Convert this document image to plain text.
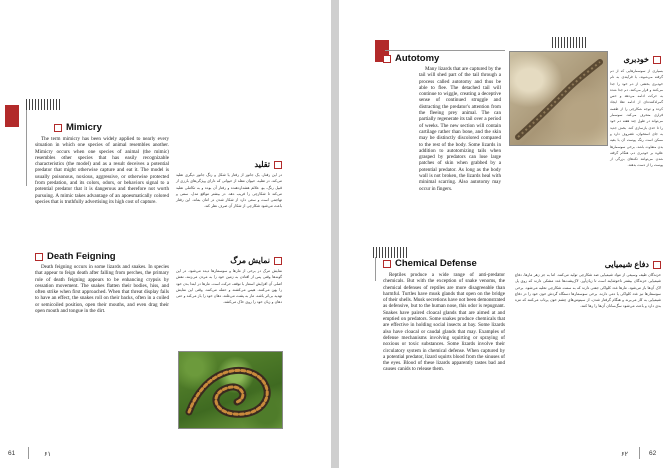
Mimicry
The term mimicry has been widely applied to nearly every situation in which one species of animal resembles another. Mimicry occurs when one species of animal (the mimic) resembles other species that has easily recognizable characteristics (the model) and as a result deceives a potential predator that might otherwise capture and eat it. The model is usually poisonous, noxious, aggressive, or otherwise protected from predation, and its colors, odors, or behaviors signal to a potential predator that it is dangerous and therefore not worth pursuing. A mimic takes advantage of an apoesmatically colored species that is truthfully advertising its high cost of capture.
Death Feigning
Death feigning occurs in some lizards and snakes. In species that appear to feign death after falling from perches, the primary role of death feigning appears to be enhancing crypsis by cessation movement. The snakes flatten their bodies, hiss, and often strike when first approached. When that threat display fails to have an effect, the snakes roll on their backs, often in a coiled or semicoiled position, open their mouths, and even drag their open mouth and tongue in the dirt.
تقلید
در این رفتار، یک جانور از رفتار یا شکل و رنگ جانور دیگری تقلید می‌کند. در تقلید، حیوان مقلد از حیوانی که دارای ویژگی‌های بارزی از قبیل رنگ، بو، علائم هشداردهنده و رفتار آن بوده و به تکاملی تقلید می‌کند تا شکارچی را فریب دهد. در بیشتر مواقع مدل، سمی و تهاجمی است و سعی دارد از شکار شدن در امان بماند. این رفتار باعث می‌شود شکارچی از شکار آن صرف نظر کند.
نمایش مرگ
نمایش مرگ در برخی از مارها و سوسمارها دیده می‌شود. در این گونه‌ها وقتی پس از افتادن به زمین خود را به مردن می‌زنند، نقش اصلی آن افزایش استتار با توقف حرکت است. مارها در ابتدا بدن خود را پهن می‌کنند، هیس می‌کشند و حمله می‌کنند. وقتی این نمایش تهدید بی‌اثر باشد، مار به پشت می‌غلتد، دهان خود را باز می‌کند و حتی دهان و زبان خود را روی خاک می‌کشد.
61	۶۱
Autotomy
Many lizards that are captured by the tail will shed part of the tail through a process called autotomy and thus be able to flee. The detached tail will continue to wiggle, creating a deceptive sense of continued struggle and distracting the predator's attention from the fleeing prey animal. The can partially regenerate its tail over a period of weeks. The new section will contain cartilage rather than bone, and the skin may be distinctly discolored compared to the rest of the body. Some lizards in addition to autotomizing tails when grasped by predators can lose large patches of skin when grabbed by a potential predator. As long as the body wall is not broken, the lizards heal with minimal scarring. Also autotomy may occur in fingers.
خودبری
بسیاری از سوسمارهایی که از دم گرفته می‌شوند، با فرآیندی به نام خودبری بخشی از دم خود را جدا می‌کنند و فرار می‌کنند. دم جدا شده به حرکت ادامه می‌دهد و حس گمراه‌کننده‌ای از ادامه تقلا ایجاد کرده و توجه شکارچی را از طعمه فراری منحرف می‌کند. سوسمار می‌تواند در طول چند هفته دم خود را تا حدی بازسازی کند. بخش جدید به جای استخوان، غضروف دارد و ممکن است رنگ پوست آن با بقیه بدن متفاوت باشد. برخی سوسمارها علاوه بر خودبری دم، هنگام گرفته شدن می‌توانند تکه‌های بزرگی از پوست را از دست بدهند.
Chemical Defense
Reptiles produce a wide range of anti-predator chemicals. But with the exception of snake venoms, the chemical defenses of reptiles are more disagreeable than harmful. Turtles have musk glands that open on the bridge of their shells. Musk secretions have not been demonstrated as defensive, but to the human nose, this odor is repugnant. Snakes have paired cloacal glands that are aimed at and emptied on predators. Some snakes produce chemicals that are effective in holding social insects at bay. Some lizards also have cloacal or caudal glands that may. Examples of defense mechanisms involving squirting or spraying of noxious or toxic substances. Some lizards involve their circulatory system in chemical defense. When captured by a potential predator, lizard squirts blood from the sinuses of the eyes. Blood of these lizards apparently tastes bad and causes canids to release them.
دفاع شیمیایی
خزندگان طیف وسیعی از مواد شیمیایی ضد شکارچی تولید می‌کنند. اما به جز زهر مارها، دفاع شیمیایی خزندگان بیشتر ناخوشایند است تا زیان‌آور. لاک‌پشت‌ها غدد مشکی دارند که روی پل لاک آن‌ها باز می‌شود. مارها غدد کلواکی جفتی دارند که به سمت شکارچی تخلیه می‌شود. برخی سوسمارها نیز غدد کلواکی یا دمی دارند. برخی سوسمارها دستگاه گردش خون خود را در دفاع شیمیایی به کار می‌برند و هنگام گرفتار شدن، از سینوس‌های چشم خون پرتاب می‌کنند که مزه بدی دارد و باعث می‌شود سگ‌سانان آن‌ها را رها کنند.
۶۲	62
